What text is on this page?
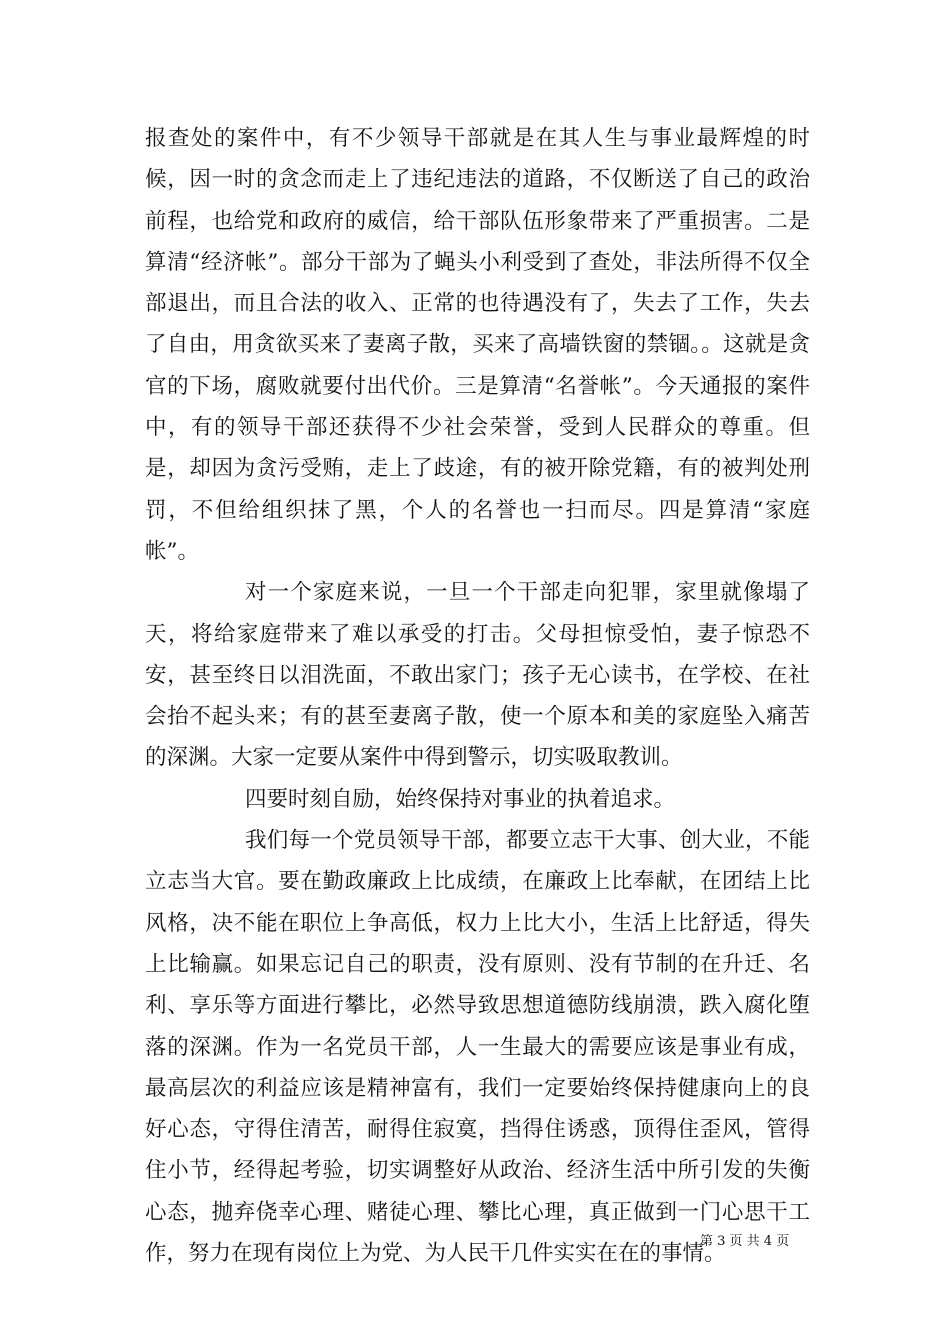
报查处的案件中，有不少领导干部就是在其人生与事业最辉煌的时候，因一时的贪念而走上了违纪违法的道路，不仅断送了自己的政治前程，也给党和政府的威信，给干部队伍形象带来了严重损害。二是算清“经济帐”。部分干部为了蝇头小利受到了查处，非法所得不仅全部退出，而且合法的收入、正常的也待遇没有了，失去了工作，失去了自由，用贪欲买来了妻离子散，买来了高墙铁窗的禁锢。。这就是贪官的下场，腐败就要付出代价。三是算清“名誉帐”。今天通报的案件中，有的领导干部还获得不少社会荣誉，受到人民群众的尊重。但是，却因为贪污受贿，走上了歧途，有的被开除党籍，有的被判处刑罚，不但给组织抹了黑，个人的名誉也一扫而尽。四是算清“家庭帐”。

对一个家庭来说，一旦一个干部走向犯罪，家里就像塌了天，将给家庭带来了难以承受的打击。父母担惊受怕，妻子惊恐不安，甚至终日以泪洗面，不敢出家门；孩子无心读书，在学校、在社会抬不起头来；有的甚至妻离子散，使一个原本和美的家庭坠入痛苦的深渊。大家一定要从案件中得到警示，切实吸取教训。

四要时刻自励，始终保持对事业的执着追求。

我们每一个党员领导干部，都要立志干大事、创大业，不能立志当大官。要在勤政廉政上比成绩，在廉政上比奉献，在团结上比风格，决不能在职位上争高低，权力上比大小，生活上比舒适，得失上比输赢。如果忘记自己的职责，没有原则、没有节制的在升迁、名利、享乐等方面进行攀比，必然导致思想道德防线崩溃，跌入腐化堕落的深渊。作为一名党员干部，人一生最大的需要应该是事业有成，最高层次的利益应该是精神富有，我们一定要始终保持健康向上的良好心态，守得住清苦，耐得住寂寞，挡得住诱惑，顶得住歪风，管得住小节，经得起考验，切实调整好从政治、经济生活中所引发的失衡心态，抛弃侥幸心理、赌徒心理、攀比心理，真正做到一门心思干工作，努力在现有岗位上为党、为人民干几件实实在在的事情。

第 3 页 共 4 页
